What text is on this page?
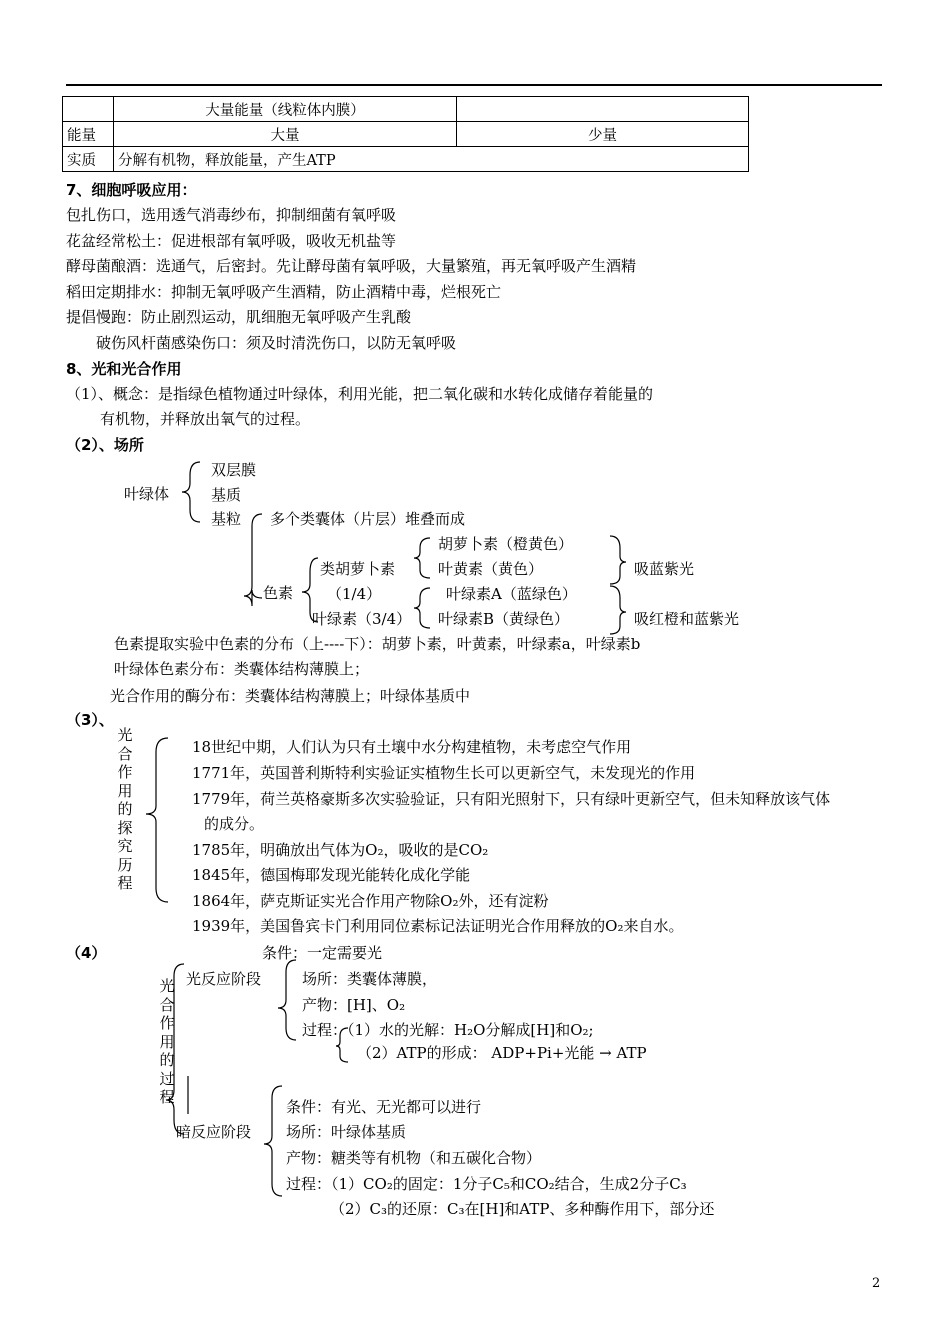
	大量能量（线粒体内膜）	
能量	大量	少量
实质	分解有机物，释放能量，产生ATP	
7、细胞呼吸应用：
包扎伤口，选用透气消毒纱布，抑制细菌有氧呼吸
花盆经常松土：促进根部有氧呼吸，吸收无机盐等
酵母菌酿酒：选通气，后密封。先让酵母菌有氧呼吸，大量繁殖，再无氧呼吸产生酒精
稻田定期排水：抑制无氧呼吸产生酒精，防止酒精中毒，烂根死亡
提倡慢跑：防止剧烈运动，肌细胞无氧呼吸产生乳酸
破伤风杆菌感染伤口：须及时清洗伤口，以防无氧呼吸
8、光和光合作用
（1）、概念：是指绿色植物通过叶绿体，利用光能，把二氧化碳和水转化成储存着能量的
有机物，并释放出氧气的过程。
（2）、场所
叶绿体
双层膜
基质
基粒 多个类囊体（片层）堆叠而成
色素
类胡萝卜素
（1/4）
叶绿素（3/4）
胡萝卜素（橙黄色）
叶黄素（黄色）
叶绿素A（蓝绿色）
叶绿素B（黄绿色）
吸蓝紫光
吸红橙和蓝紫光
色素提取实验中色素的分布（上----下）：胡萝卜素，叶黄素，叶绿素a，叶绿素b
叶绿体色素分布：类囊体结构薄膜上；
光合作用的酶分布：类囊体结构薄膜上；叶绿体基质中
（3）、
光合作用的探究历程
18世纪中期，人们认为只有土壤中水分构建植物，未考虑空气作用
1771年，英国普利斯特利实验证实植物生长可以更新空气，未发现光的作用
1779年，荷兰英格豪斯多次实验验证，只有阳光照射下，只有绿叶更新空气，但未知释放该气体
的成分。
1785年，明确放出气体为O₂，吸收的是CO₂
1845年，德国梅耶发现光能转化成化学能
1864年，萨克斯证实光合作用产物除O₂外，还有淀粉
1939年，美国鲁宾卡门利用同位素标记法证明光合作用释放的O₂来自水。
（4）
光合作用的过程
光反应阶段
条件：一定需要光
场所：类囊体薄膜，
产物：[H]、O₂
过程：（1）水的光解：H₂O分解成[H]和O₂;
（2）ATP的形成： ADP+Pi+光能 → ATP
暗反应阶段
条件：有光、无光都可以进行
场所：叶绿体基质
产物：糖类等有机物（和五碳化合物）
过程：（1）CO₂的固定：1分子C₅和CO₂结合，生成2分子C₃
（2）C₃的还原：C₃在[H]和ATP、多种酶作用下，部分还
2
